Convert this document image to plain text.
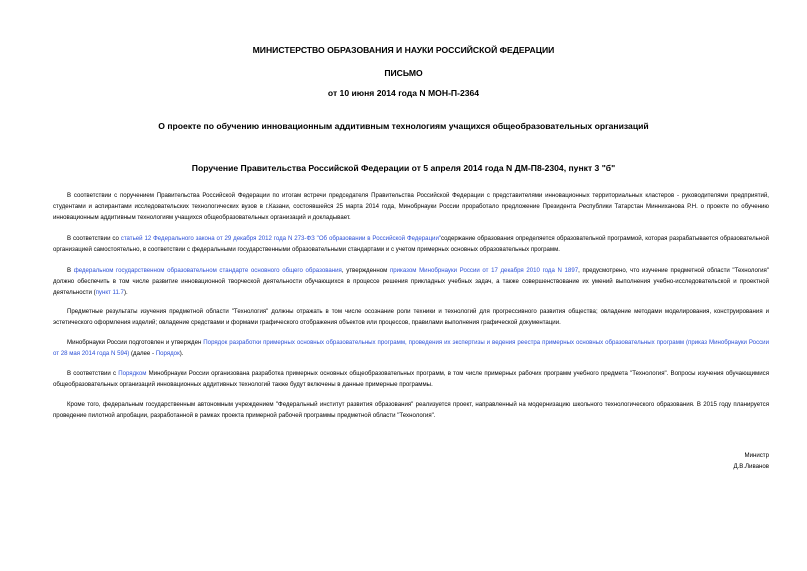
МИНИСТЕРСТВО ОБРАЗОВАНИЯ И НАУКИ РОССИЙСКОЙ ФЕДЕРАЦИИ
ПИСЬМО
от 10 июня 2014 года N МОН-П-2364
О проекте по обучению инновационным аддитивным технологиям учащихся общеобразовательных организаций
Поручение Правительства Российской Федерации от 5 апреля 2014 года N ДМ-П8-2304, пункт 3 "б"

В соответствии с поручением Правительства Российской Федерации по итогам встречи председателя Правительства Российской Федерации с представителями инновационных территориальных кластеров - руководителями предприятий, студентами и аспирантами исследовательских технологических вузов в г.Казани, состоявшейся 25 марта 2014 года, Минобрнауки России проработало предложение Президента Республики Татарстан Минниханова Р.Н. о проекте по обучению инновационным аддитивным технологиям учащихся общеобразовательных организаций и докладывает.

В соответствии со статьей 12 Федерального закона от 29 декабря 2012 года N 273-ФЗ "Об образовании в Российской Федерации"содержание образования определяется образовательной программой, которая разрабатывается образовательной организацией самостоятельно, в соответствии с федеральными государственными образовательными стандартами и с учетом примерных основных образовательных программ.

В федеральном государственном образовательном стандарте основного общего образования, утвержденном приказом Минобрнауки России от 17 декабря 2010 года N 1897, предусмотрено, что изучение предметной области "Технология" должно обеспечить в том числе развитие инновационной творческой деятельности обучающихся в процессе решения прикладных учебных задач, а также совершенствование их умений выполнения учебно-исследовательской и проектной деятельности (пункт 11.7).

Предметные результаты изучения предметной области "Технология" должны отражать в том числе осознание роли техники и технологий для прогрессивного развития общества; овладение методами моделирования, конструирования и эстетического оформления изделий; овладение средствами и формами графического отображения объектов или процессов, правилами выполнения графической документации.

Минобрнауки России подготовлен и утвержден Порядок разработки примерных основных образовательных программ, проведения их экспертизы и ведения реестра примерных основных образовательных программ (приказ Минобрнауки России от 28 мая 2014 года N 594) (далее - Порядок).

В соответствии с Порядком Минобрнауки России организована разработка примерных основных общеобразовательных программ, в том числе примерных рабочих программ учебного предмета "Технология". Вопросы изучения обучающимися общеобразовательных организаций инновационных аддитивных технологий также будут включены в данные примерные программы.

Кроме того, федеральным государственным автономным учреждением "Федеральный институт развития образования" реализуется проект, направленный на модернизацию школьного технологического образования. В 2015 году планируется проведение пилотной апробации, разработанной в рамках проекта примерной рабочей программы предметной области "Технология".

Министр
Д.В.Ливанов
